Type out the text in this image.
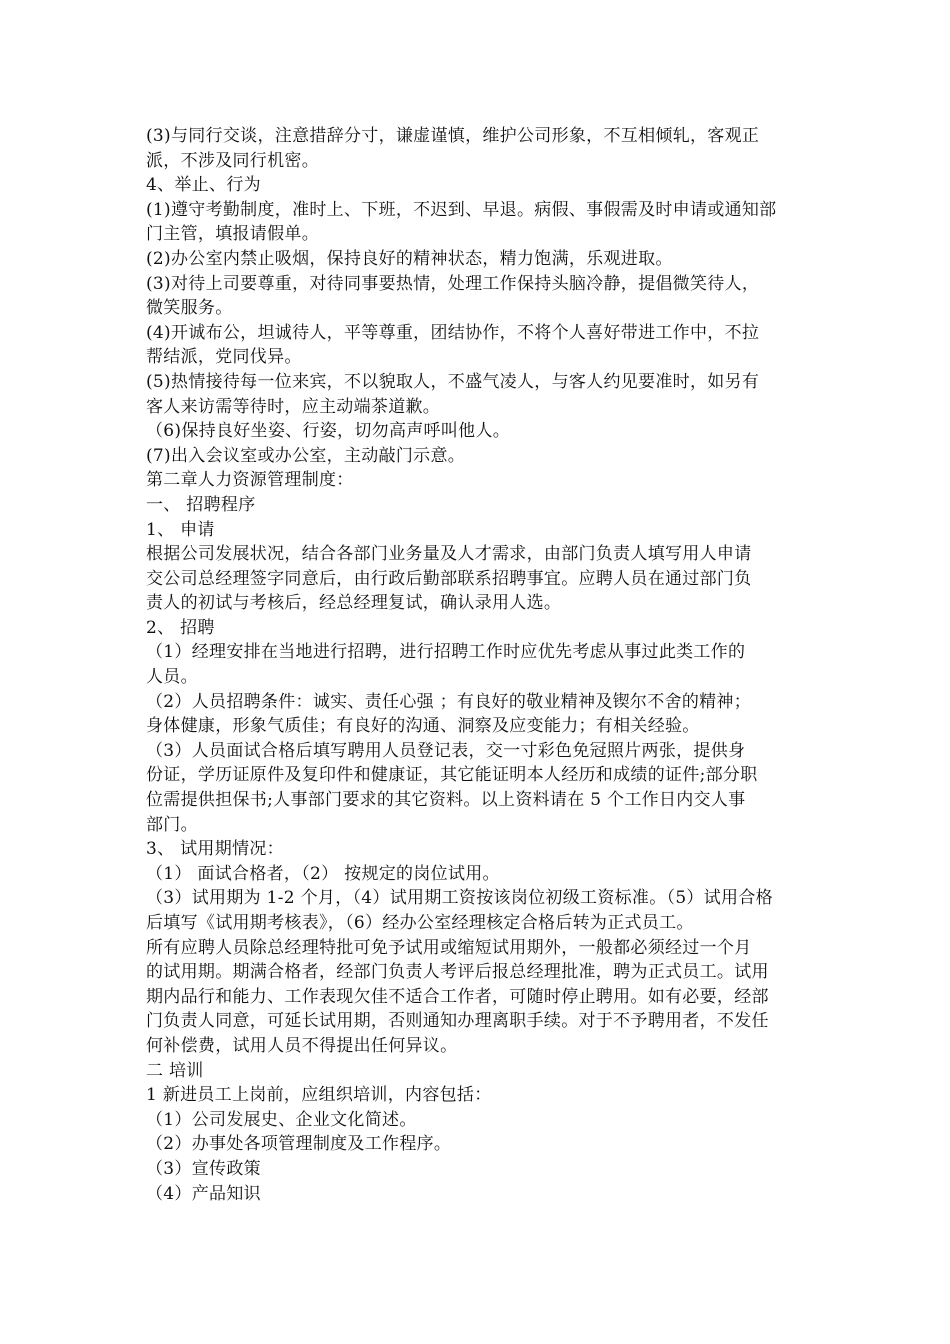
(3)与同行交谈，注意措辞分寸，谦虚谨慎，维护公司形象，不互相倾轧，客观正
派，不涉及同行机密。
4、举止、行为
(1)遵守考勤制度，准时上、下班，不迟到、早退。病假、事假需及时申请或通知部
门主管，填报请假单。
(2)办公室内禁止吸烟，保持良好的精神状态，精力饱满，乐观进取。
(3)对待上司要尊重，对待同事要热情，处理工作保持头脑冷静，提倡微笑待人，
微笑服务。
(4)开诚布公，坦诚待人，平等尊重，团结协作，不将个人喜好带进工作中，不拉
帮结派，党同伐异。
(5)热情接待每一位来宾，不以貌取人，不盛气凌人，与客人约见要准时，如另有
客人来访需等待时，应主动端茶道歉。
（6)保持良好坐姿、行姿，切勿高声呼叫他人。
(7)出入会议室或办公室，主动敲门示意。
第二章人力资源管理制度：
一、 招聘程序
1、 申请
根据公司发展状况，结合各部门业务量及人才需求，由部门负责人填写用人申请
交公司总经理签字同意后，由行政后勤部联系招聘事宜。应聘人员在通过部门负
责人的初试与考核后，经总经理复试，确认录用人选。
2、 招聘
（1）经理安排在当地进行招聘，进行招聘工作时应优先考虑从事过此类工作的
人员。
（2）人员招聘条件：诚实、责任心强 ；有良好的敬业精神及锲尔不舍的精神；
身体健康，形象气质佳；有良好的沟通、洞察及应变能力；有相关经验。
（3）人员面试合格后填写聘用人员登记表，交一寸彩色免冠照片两张，提供身
份证，学历证原件及复印件和健康证，其它能证明本人经历和成绩的证件;部分职
位需提供担保书;人事部门要求的其它资料。以上资料请在 5 个工作日内交人事
部门。
3、 试用期情况：
（1） 面试合格者，（2） 按规定的岗位试用。
（3）试用期为 1-2 个月，（4）试用期工资按该岗位初级工资标准。（5）试用合格
后填写《试用期考核表》，（6）经办公室经理核定合格后转为正式员工。
所有应聘人员除总经理特批可免予试用或缩短试用期外，一般都必须经过一个月
的试用期。期满合格者，经部门负责人考评后报总经理批准，聘为正式员工。试用
期内品行和能力、工作表现欠佳不适合工作者，可随时停止聘用。如有必要，经部
门负责人同意，可延长试用期，否则通知办理离职手续。对于不予聘用者，不发任
何补偿费，试用人员不得提出任何异议。
二 培训
1 新进员工上岗前，应组织培训，内容包括：
（1）公司发展史、企业文化简述。
（2）办事处各项管理制度及工作程序。
（3）宣传政策
（4）产品知识
